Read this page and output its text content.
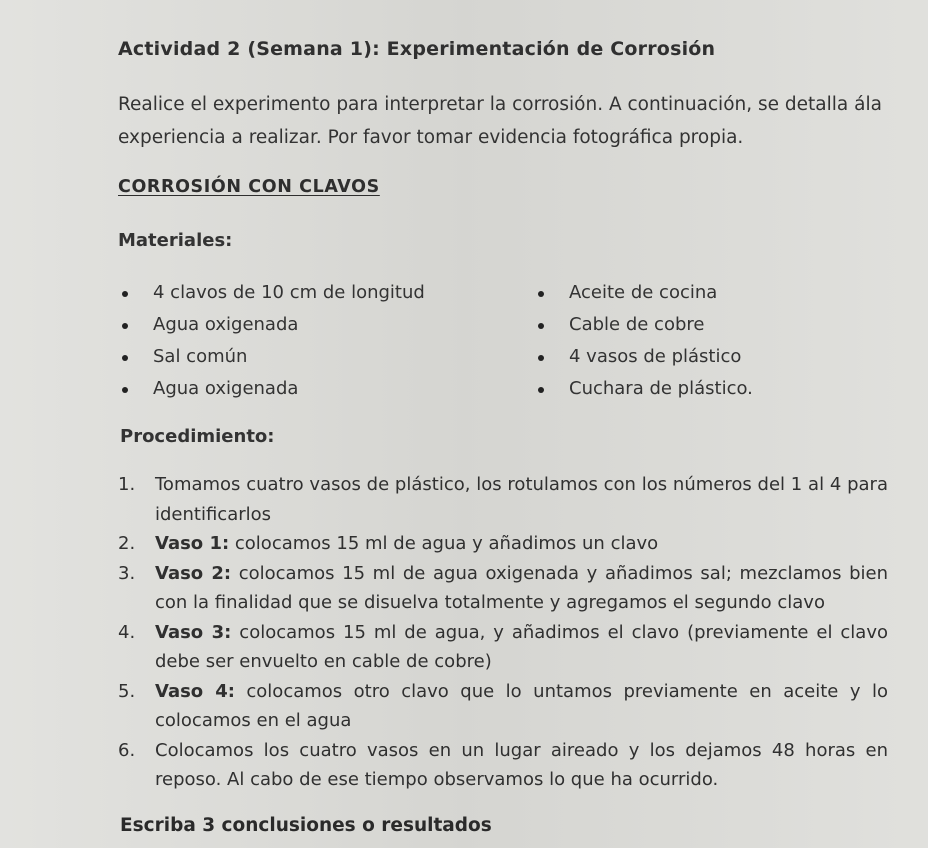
Actividad 2 (Semana 1): Experimentación de Corrosión
Realice el experimento para interpretar la corrosión. A continuación, se detalla ála experiencia a realizar. Por favor tomar evidencia fotográfica propia.
CORROSIÓN CON CLAVOS
Materiales:
4 clavos de 10 cm de longitud
Agua oxigenada
Sal común
Agua oxigenada
Aceite de cocina
Cable de cobre
4 vasos de plástico
Cuchara de plástico.
Procedimiento:
1. Tomamos cuatro vasos de plástico, los rotulamos con los números del 1 al 4 para identificarlos
2. Vaso 1: colocamos 15 ml de agua y añadimos un clavo
3. Vaso 2: colocamos 15 ml de agua oxigenada y añadimos sal; mezclamos bien con la finalidad que se disuelva totalmente y agregamos el segundo clavo
4. Vaso 3: colocamos 15 ml de agua, y añadimos el clavo (previamente el clavo debe ser envuelto en cable de cobre)
5. Vaso 4: colocamos otro clavo que lo untamos previamente en aceite y lo colocamos en el agua
6. Colocamos los cuatro vasos en un lugar aireado y los dejamos 48 horas en reposo. Al cabo de ese tiempo observamos lo que ha ocurrido.
Escriba 3 conclusiones o resultados
